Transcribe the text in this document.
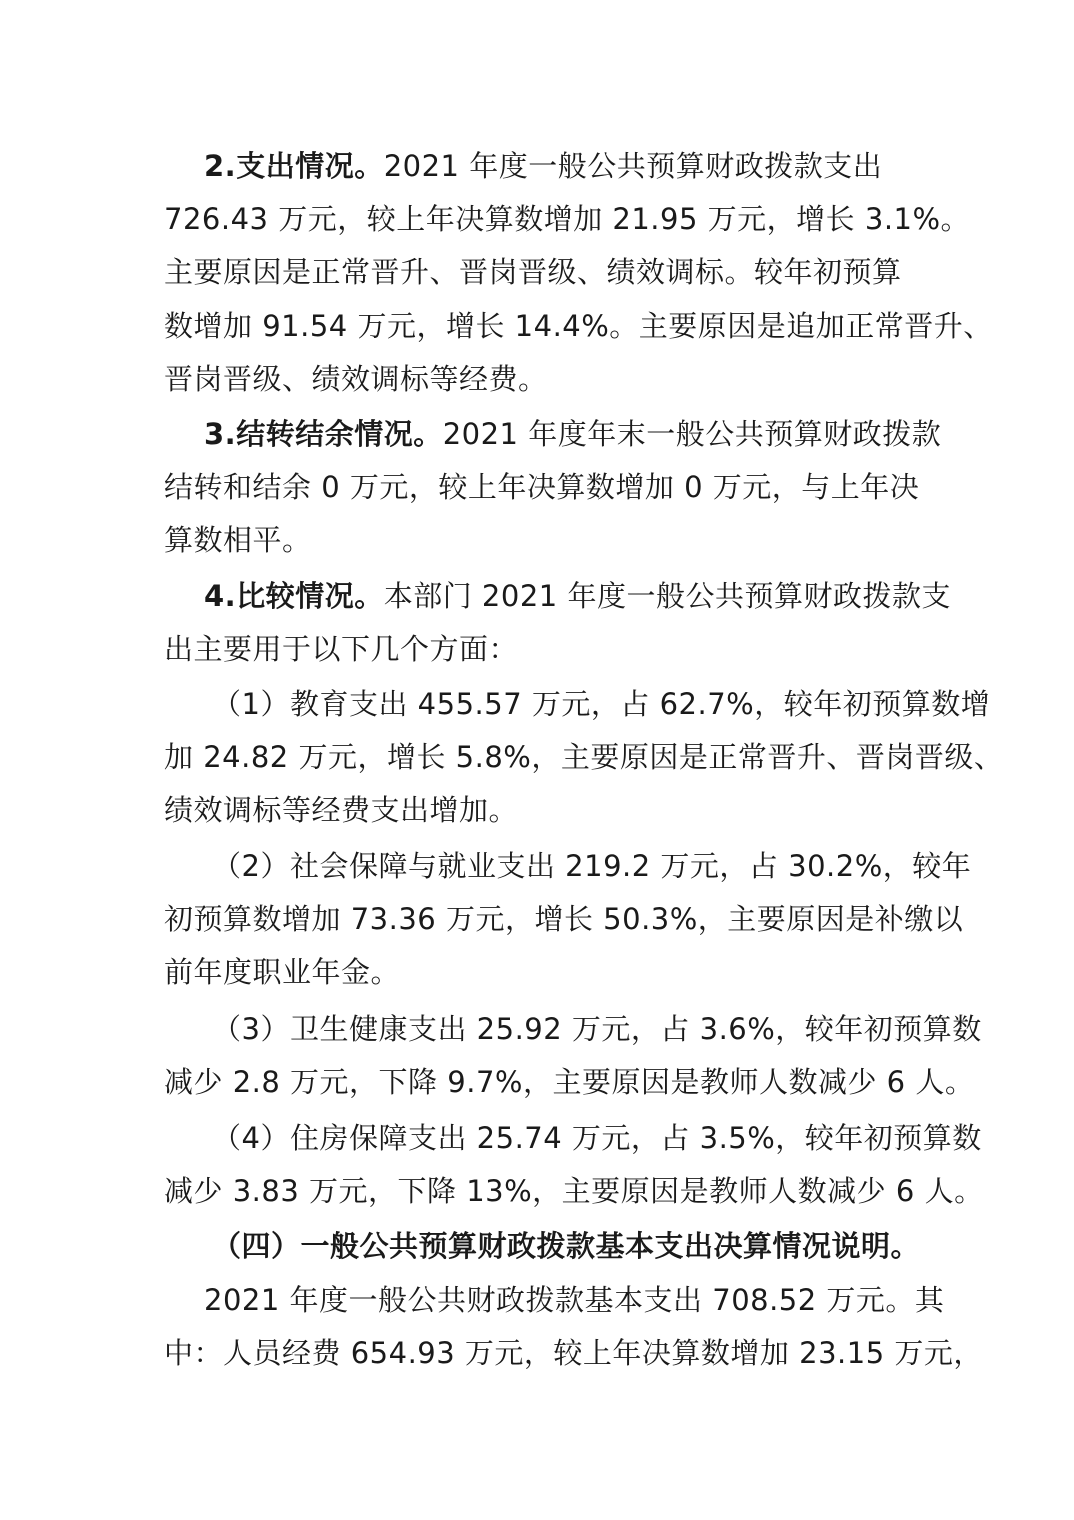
2.支出情况。2021 年度一般公共预算财政拨款支出
726.43 万元，较上年决算数增加 21.95 万元，增长 3.1%。
主要原因是正常晋升、晋岗晋级、绩效调标。较年初预算
数增加 91.54 万元，增长 14.4%。主要原因是追加正常晋升、
晋岗晋级、绩效调标等经费。
3.结转结余情况。2021 年度年末一般公共预算财政拨款
结转和结余 0 万元，较上年决算数增加 0 万元，与上年决
算数相平。
4.比较情况。本部门 2021 年度一般公共预算财政拨款支
出主要用于以下几个方面：
（1）教育支出 455.57 万元，占 62.7%，较年初预算数增
加 24.82 万元，增长 5.8%，主要原因是正常晋升、晋岗晋级、
绩效调标等经费支出增加。
（2）社会保障与就业支出 219.2 万元，占 30.2%，较年
初预算数增加 73.36 万元，增长 50.3%，主要原因是补缴以
前年度职业年金。
（3）卫生健康支出 25.92 万元，占 3.6%，较年初预算数
减少 2.8 万元，下降 9.7%，主要原因是教师人数减少 6 人。
（4）住房保障支出 25.74 万元，占 3.5%，较年初预算数
减少 3.83 万元，下降 13%，主要原因是教师人数减少 6 人。
（四）一般公共预算财政拨款基本支出决算情况说明。
2021 年度一般公共财政拨款基本支出 708.52 万元。其
中：人员经费 654.93 万元，较上年决算数增加 23.15 万元，
